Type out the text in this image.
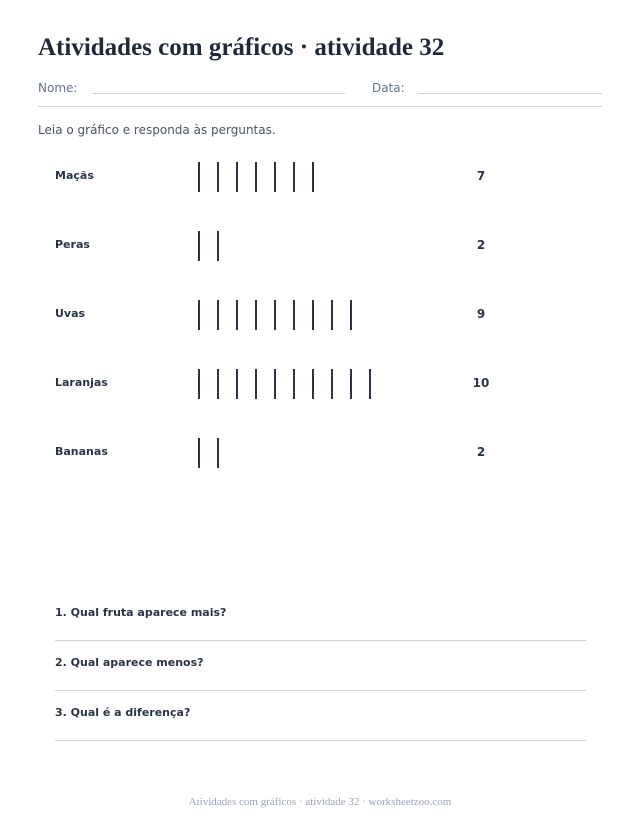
Atividades com gráficos · atividade 32
Nome:	Data:
Leia o gráfico e responda às perguntas.
Maçãs	7
Peras	2
Uvas	9
Laranjas	10
Bananas	2
1. Qual fruta aparece mais?
2. Qual aparece menos?
3. Qual é a diferença?
Atividades com gráficos · atividade 32 · worksheetzoo.com
